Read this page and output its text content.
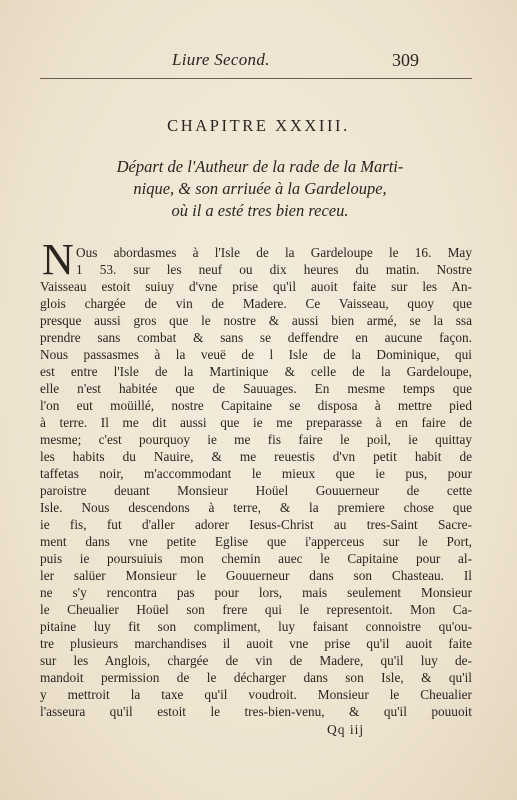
Liure Second.	309
CHAPITRE XXXIII.
Départ de l'Autheur de la rade de la Marti-
nique, & son arriuée à la Gardeloupe,
où il a esté tres bien receu.
N Ous abordasmes à l'Isle de la Gardeloupe le 16. May
1 53. sur les neuf ou dix heures du matin. Nostre
Vaisseau estoit suiuy d'vne prise qu'il auoit faite sur les An-
glois chargée de vin de Madere. Ce Vaisseau, quoy que
presque aussi gros que le nostre & aussi bien armé, se la ssa
prendre sans combat & sans se deffendre en aucune façon.
Nous passasmes à la veuë de l Isle de la Dominique, qui
est entre l'Isle de la Martinique & celle de la Gardeloupe,
elle n'est habitée que de Sauuages. En mesme temps que
l'on eut moüillé, nostre Capitaine se disposa à mettre pied
à terre. Il me dit aussi que ie me preparasse à en faire de
mesme; c'est pourquoy ie me fis faire le poil, ie quittay
les habits du Nauire, & me reuestis d'vn petit habit de
taffetas noir, m'accommodant le mieux que ie pus, pour
paroistre deuant Monsieur Hoüel Gouuerneur de cette
Isle. Nous descendons à terre, & la premiere chose que
ie fis, fut d'aller adorer Iesus-Christ au tres-Saint Sacre-
ment dans vne petite Eglise que i'apperceus sur le Port,
puis ie poursuiuis mon chemin auec le Capitaine pour al-
ler salüer Monsieur le Gouuerneur dans son Chasteau. Il
ne s'y rencontra pas pour lors, mais seulement Monsieur
le Cheualier Hoüel son frere qui le representoit. Mon Ca-
pitaine luy fit son compliment, luy faisant connoistre qu'ou-
tre plusieurs marchandises il auoit vne prise qu'il auoit faite
sur les Anglois, chargée de vin de Madere, qu'il luy de-
mandoit permission de le décharger dans son Isle, & qu'il
y mettroit la taxe qu'il voudroit. Monsieur le Cheualier
l'asseura qu'il estoit le tres-bien-venu, & qu'il pouuoit
Qq iij
